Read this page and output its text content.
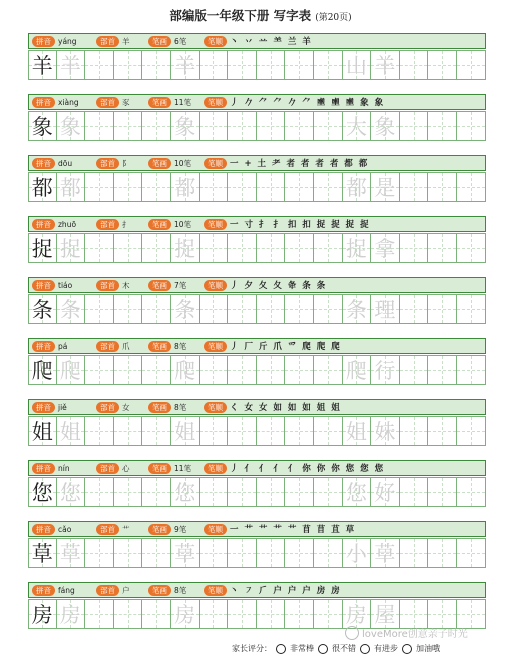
部编版一年级下册 写字表 (第20页)
拼音 yáng	部首 羊	笔画 6笔	笔顺 丶 丷 䒑 ⺷ 兰 羊
羊 羊	羊	山 羊
拼音 xiàng	部首 豕	笔画 11笔	笔顺 丿 𠂊 ⺈ ⺈ 𠂊 ⺈ 𪉖 𪉖 𪉖 象 象
象 象	象	大 象
拼音 dōu	部首 阝	笔画 10笔	笔顺 一 + 土 耂 者 者 者 者 都 都
都 都	都	都 是
拼音 zhuō	部首 扌	笔画 10笔	笔顺 一 寸 扌 扌 扣 扣 捉 捉 捉 捉
捉 捉	捉	捉 拿
拼音 tiáo	部首 木	笔画 7笔	笔顺 丿 夕 夂 夂 夅 条 条
条 条	条	条 理
拼音 pá	部首 爪	笔画 8笔	笔顺 丿 厂 斤 爪 爫 爬 爬 爬
爬 爬	爬	爬 行
拼音 jiě	部首 女	笔画 8笔	笔顺 く 女 女 如 如 如 姐 姐
姐 姐	姐	姐 妹
拼音 nín	部首 心	笔画 11笔	笔顺 丿 亻 亻 亻 亻 你 你 你 您 您 您
您 您	您	您 好
拼音 cǎo	部首 艹	笔画 9笔	笔顺 一 艹 艹 艹 艹 苜 苜 苴 草
草 草	草	小 草
拼音 fáng	部首 户	笔画 8笔	笔顺 丶 ㇇ ⺁ 户 户 户 房 房
房 房	房	房 屋
loveMore创意亲子时光
家长评分： 非常棒 很不错 有进步 加油哦
